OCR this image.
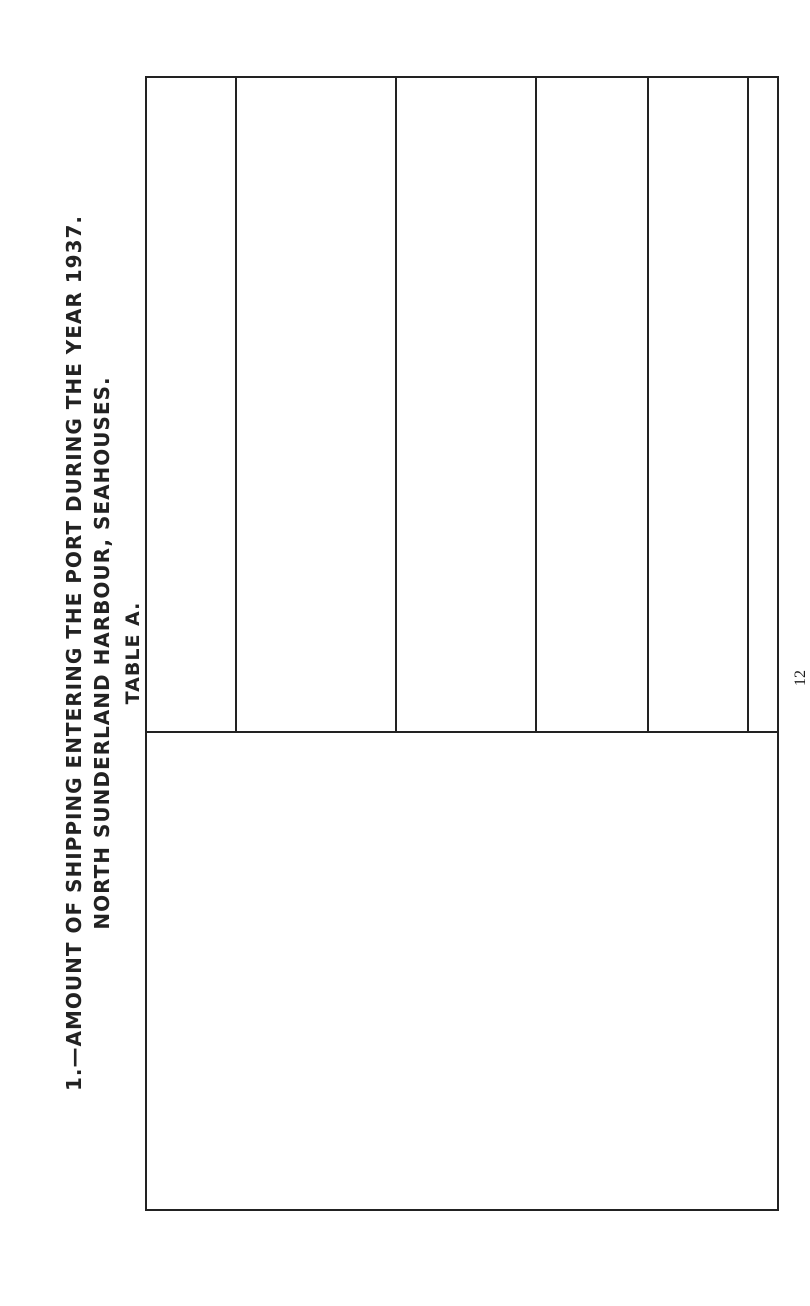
1.—AMOUNT OF SHIPPING ENTERING THE PORT DURING THE YEAR 1937. NORTH SUNDERLAND HARBOUR, SEAHOUSES. TABLE A.	12
